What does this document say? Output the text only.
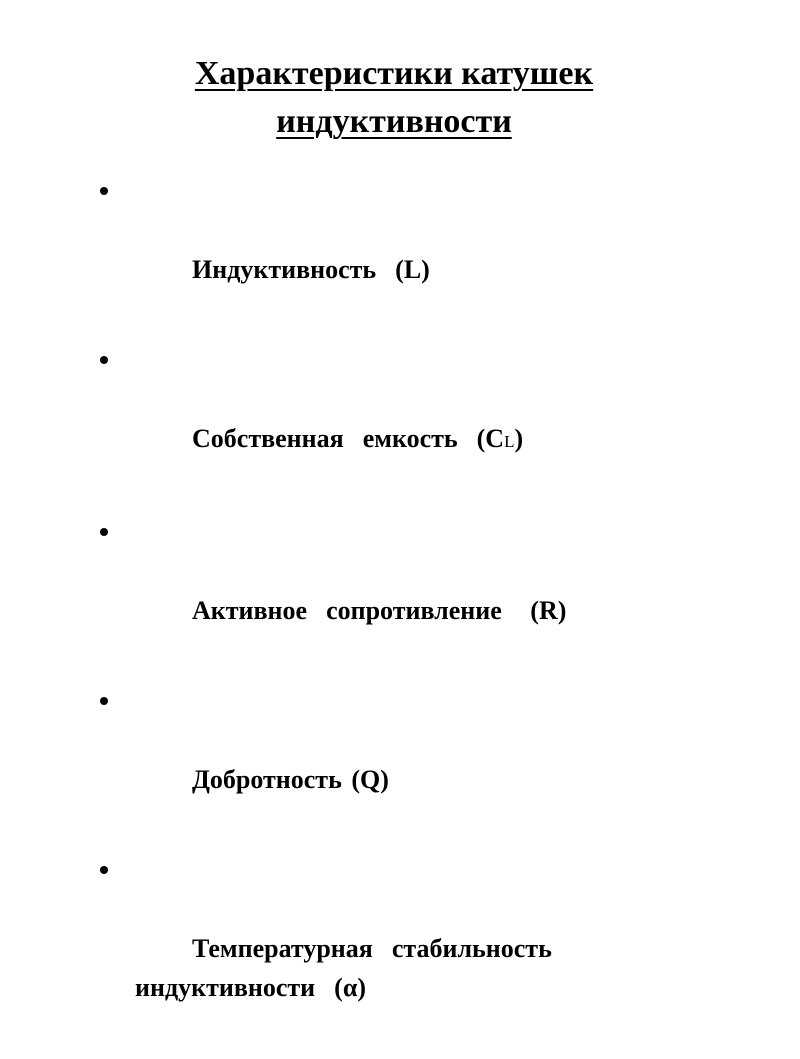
Характеристики катушек
индуктивности

Индуктивность  (L)

Собственная  емкость  (СL)

Активное  сопротивление   (R)

Добротность (Q)

Температурная  стабильность
индуктивности  (α)
